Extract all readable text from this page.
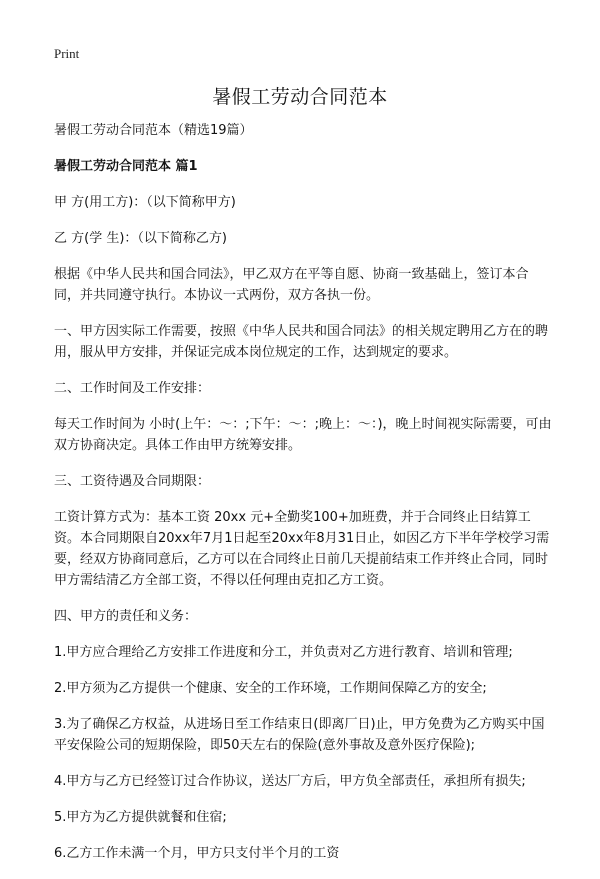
Print
暑假工劳动合同范本

暑假工劳动合同范本（精选19篇）

暑假工劳动合同范本 篇1

甲 方(用工方)：（以下简称甲方)

乙 方(学 生)：（以下简称乙方)

根据《中华人民共和国合同法》，甲乙双方在平等自愿、协商一致基础上，签订本合同，并共同遵守执行。本协议一式两份，双方各执一份。

一、甲方因实际工作需要，按照《中华人民共和国合同法》的相关规定聘用乙方在的聘用，服从甲方安排，并保证完成本岗位规定的工作，达到规定的要求。

二、工作时间及工作安排：

每天工作时间为 小时(上午：～：;下午：～：;晚上：～：)，晚上时间视实际需要，可由双方协商决定。具体工作由甲方统筹安排。

三、工资待遇及合同期限：

工资计算方式为：基本工资 20xx 元+全勤奖100+加班费，并于合同终止日结算工资。本合同期限自20xx年7月1日起至20xx年8月31日止，如因乙方下半年学校学习需要，经双方协商同意后，乙方可以在合同终止日前几天提前结束工作并终止合同，同时甲方需结清乙方全部工资，不得以任何理由克扣乙方工资。

四、甲方的责任和义务：

1.甲方应合理给乙方安排工作进度和分工，并负责对乙方进行教育、培训和管理;

2.甲方须为乙方提供一个健康、安全的工作环境，工作期间保障乙方的安全;

3.为了确保乙方权益，从进场日至工作结束日(即离厂日)止，甲方免费为乙方购买中国平安保险公司的短期保险，即50天左右的保险(意外事故及意外医疗保险);

4.甲方与乙方已经签订过合作协议，送达厂方后，甲方负全部责任，承担所有损失;

5.甲方为乙方提供就餐和住宿;

6.乙方工作未满一个月，甲方只支付半个月的工资
